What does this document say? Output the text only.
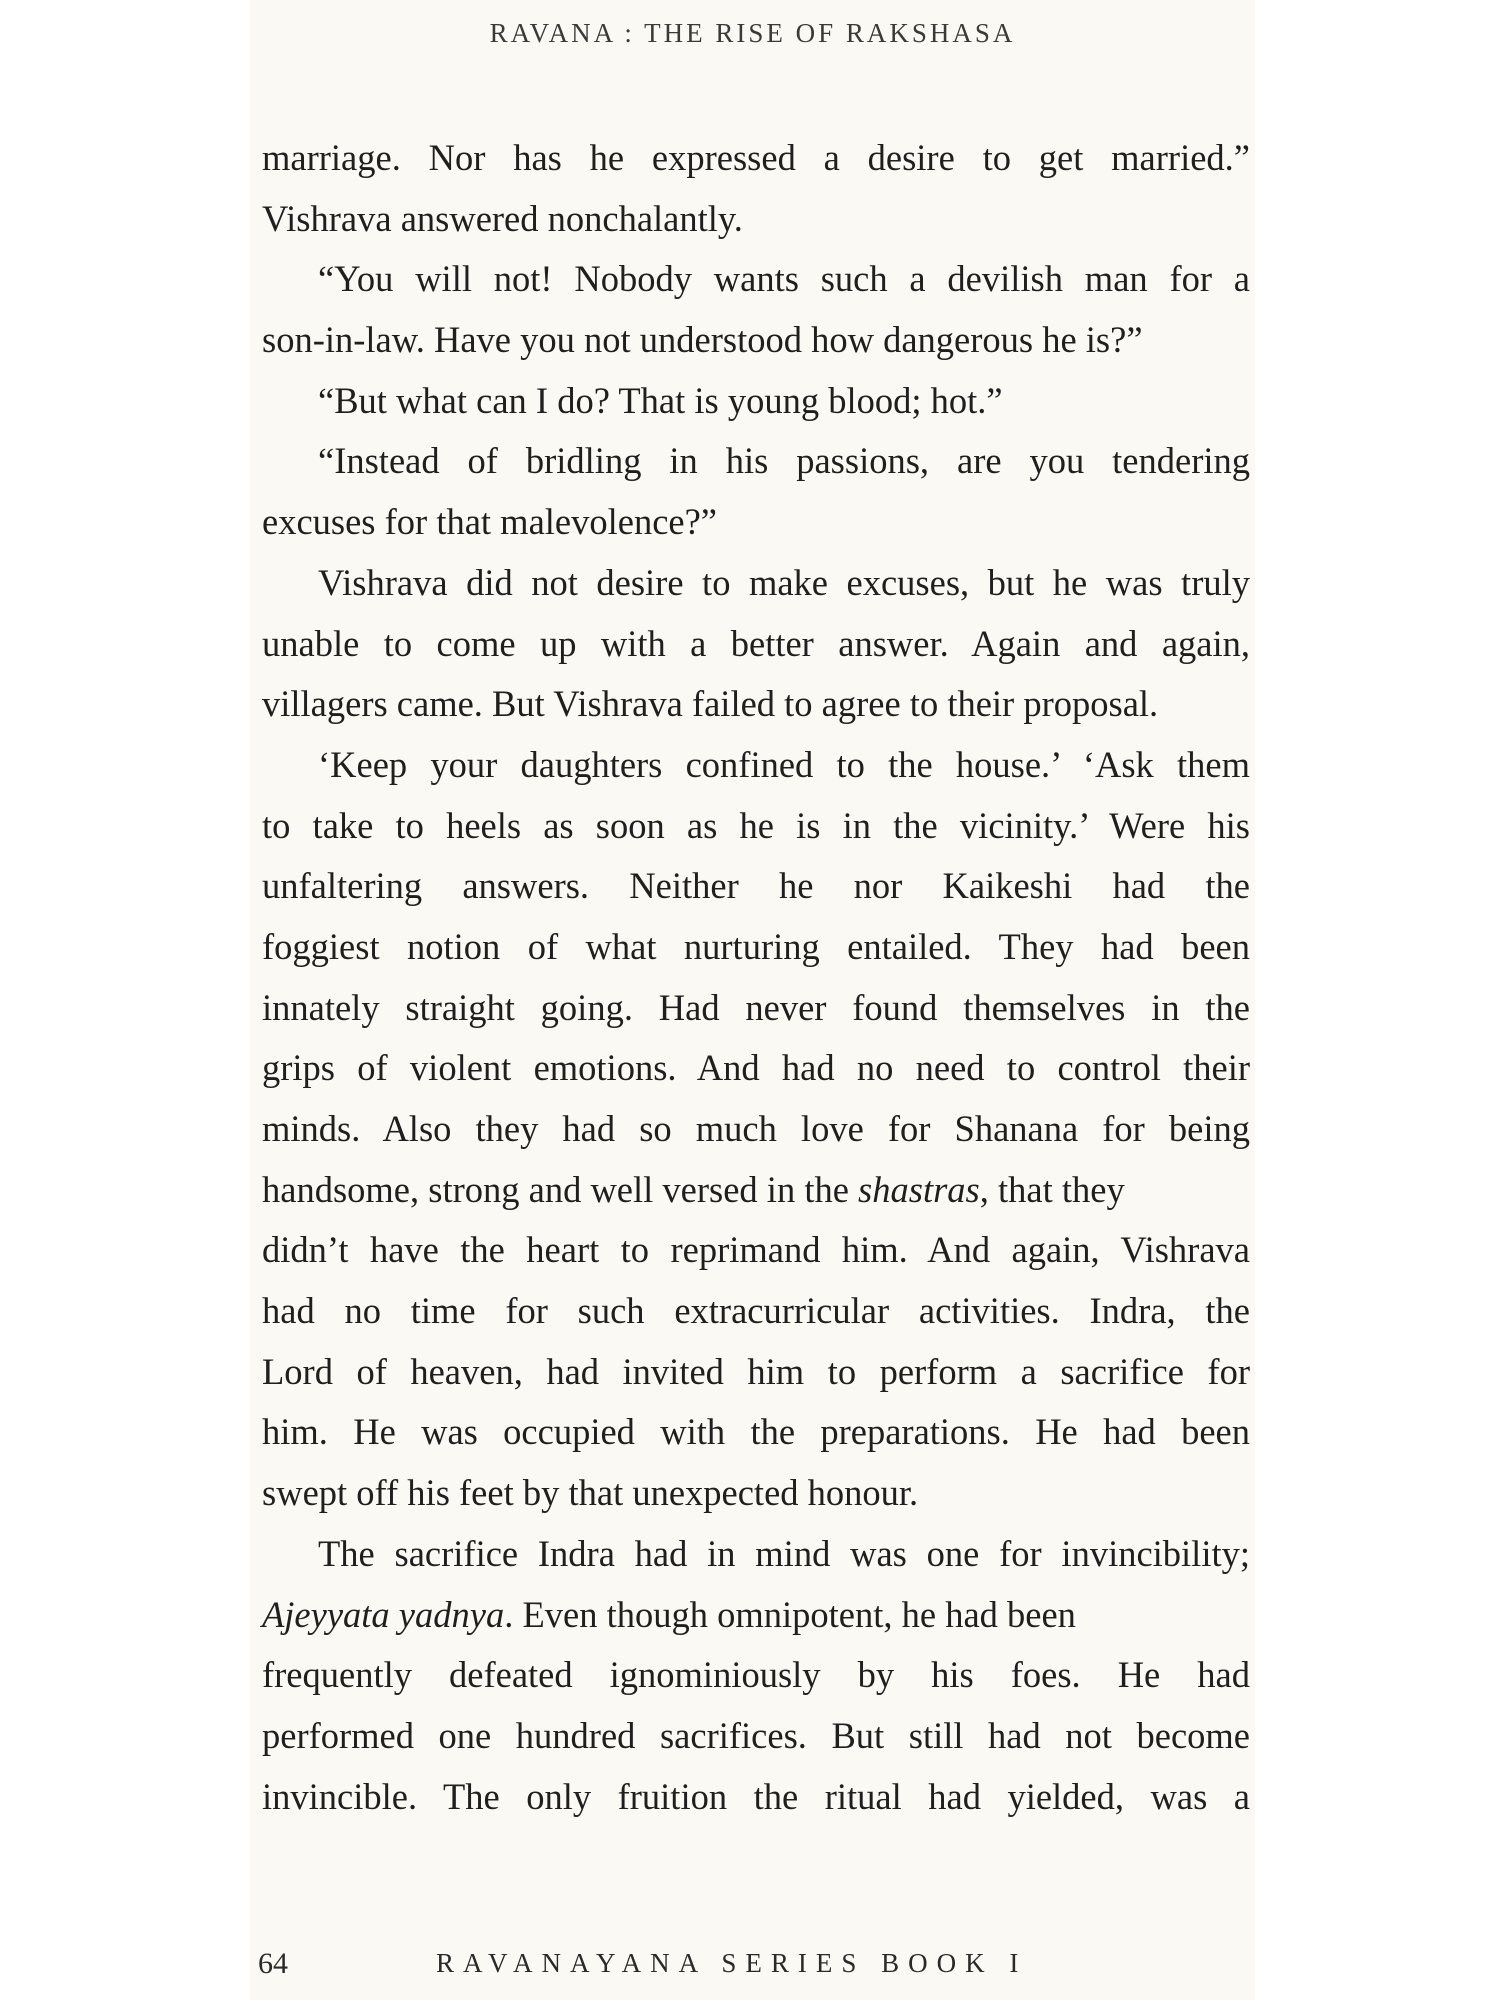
RAVANA : THE RISE OF RAKSHASA
marriage. Nor has he expressed a desire to get married.”
Vishrava answered nonchalantly.
“You will not! Nobody wants such a devilish man for a
son-in-law. Have you not understood how dangerous he is?”
“But what can I do? That is young blood; hot.”
“Instead of bridling in his passions, are you tendering
excuses for that malevolence?”
Vishrava did not desire to make excuses, but he was truly
unable to come up with a better answer. Again and again,
villagers came. But Vishrava failed to agree to their proposal.
‘Keep your daughters confined to the house.’ ‘Ask them
to take to heels as soon as he is in the vicinity.’ Were his
unfaltering answers. Neither he nor Kaikeshi had the
foggiest notion of what nurturing entailed. They had been
innately straight going. Had never found themselves in the
grips of violent emotions. And had no need to control their
minds. Also they had so much love for Shanana for being
handsome, strong and well versed in the shastras, that they
didn’t have the heart to reprimand him. And again, Vishrava
had no time for such extracurricular activities. Indra, the
Lord of heaven, had invited him to perform a sacrifice for
him. He was occupied with the preparations. He had been
swept off his feet by that unexpected honour.
The sacrifice Indra had in mind was one for invincibility;
Ajeyyata yadnya. Even though omnipotent, he had been
frequently defeated ignominiously by his foes. He had
performed one hundred sacrifices. But still had not become
invincible. The only fruition the ritual had yielded, was a
64	RAVANAYANA SERIES BOOK I
